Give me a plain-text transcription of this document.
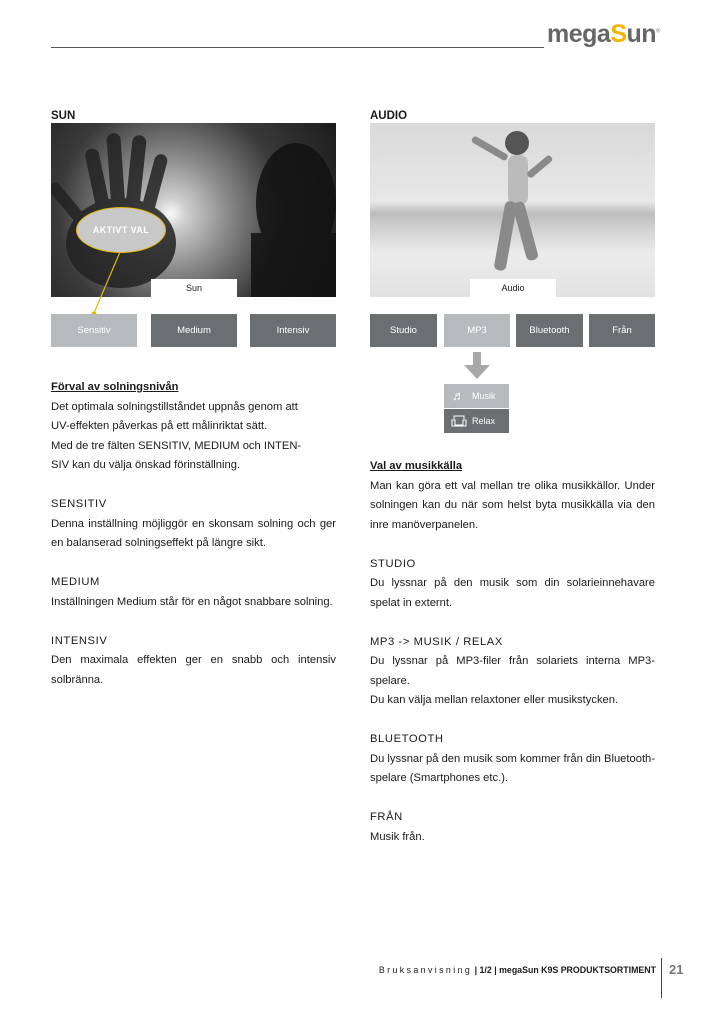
megaSun®
SUN
AKTIVT VAL
Sun
Sensitiv	Medium	Intensiv

Förval av solningsnivån

Det optimala solningstillståndet uppnås genom att

UV-effekten påverkas på ett målinriktat sätt.

Med de tre fälten SENSITIV, MEDIUM och INTEN-

SIV kan du välja önskad förinställning.

SENSITIV

Denna inställning möjliggör en skonsam solning och ger en balanserad solningseffekt på längre sikt.

MEDIUM

Inställningen Medium står för en något snabbare solning.

INTENSIV

Den maximala effekten ger en snabb och intensiv solbränna.

AUDIO
Audio
Studio	MP3	Bluetooth	Från
♬ Musik
Relax

Val av musikkälla

Man kan göra ett val mellan tre olika musikkällor. Under solningen kan du när som helst byta musikkälla via den inre manöverpanelen.

STUDIO

Du lyssnar på den musik som din solarieinnehavare spelat in externt.

MP3 -> MUSIK / RELAX

Du lyssnar på MP3-filer från solariets interna MP3-spelare.

Du kan välja mellan relaxtoner eller musikstycken.

BLUETOOTH

Du lyssnar på den musik som kommer från din Bluetooth-spelare (Smartphones etc.).

FRÅN

Musik från.

Bruksanvisning | 1/2 | megaSun K9S PRODUKTSORTIMENT 21
